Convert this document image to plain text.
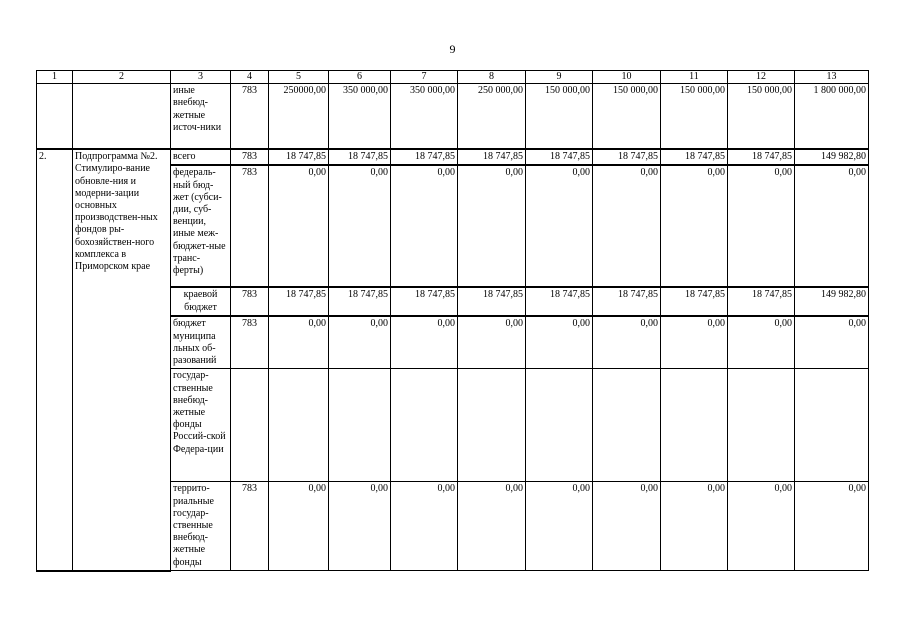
9
1	2	3	4	5	6	7	8	9	10	11	12	13
		иные внебюд-жетные источ-ники	783	250000,00	350 000,00	350 000,00	250 000,00	150 000,00	150 000,00	150 000,00	150 000,00	1 800 000,00
2.	Подпрограмма №2. Стимулиро-вание обновле-ния и модерни-зации основных производствен-ных фондов ры-бохозяйствен-ного комплекса в Приморском крае	всего	783	18 747,85	18 747,85	18 747,85	18 747,85	18 747,85	18 747,85	18 747,85	18 747,85	149 982,80
		федераль-ный бюд-жет (субси-дии, суб-венции, иные меж-бюджет-ные транс-ферты)	783	0,00	0,00	0,00	0,00	0,00	0,00	0,00	0,00	0,00
		краевой бюджет	783	18 747,85	18 747,85	18 747,85	18 747,85	18 747,85	18 747,85	18 747,85	18 747,85	149 982,80
		бюджет муниципа льных об-разований	783	0,00	0,00	0,00	0,00	0,00	0,00	0,00	0,00	0,00
		государ-ственные внебюд-жетные фонды Россий-ской Федера-ции										
		террито-риальные государ-ственные внебюд-жетные фонды	783	0,00	0,00	0,00	0,00	0,00	0,00	0,00	0,00	0,00
